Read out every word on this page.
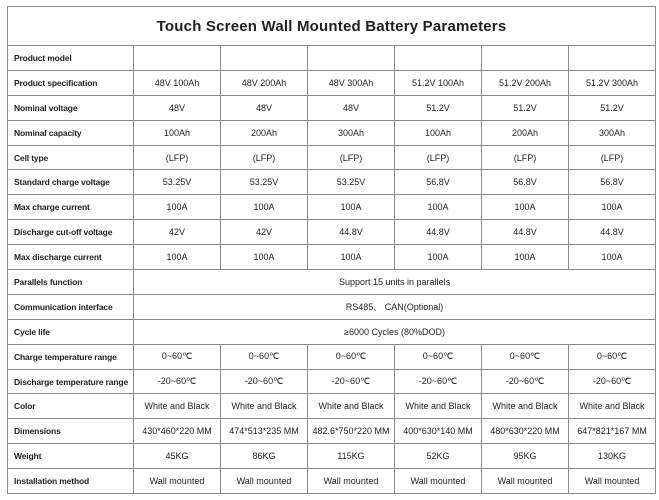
Touch Screen Wall Mounted Battery Parameters						
Product model						
Product specification	48V 100Ah	48V 200Ah	48V 300Ah	51.2V 100Ah	51.2V 200Ah	51.2V 300Ah
Nominal voltage	48V	48V	48V	51.2V	51.2V	51.2V
Nominal capacity	100Ah	200Ah	300Ah	100Ah	200Ah	300Ah
Cell type	(LFP)	(LFP)	(LFP)	(LFP)	(LFP)	(LFP)
Standard charge voltage	53.25V	53.25V	53.25V	56.8V	56.8V	56.8V
Max charge current	100A	100A	100A	100A	100A	100A
Discharge cut-off voltage	42V	42V	44.8V	44.8V	44.8V	44.8V
Max discharge current	100A	100A	100A	100A	100A	100A
Parallels function	Support 15 units in parallels					
Communication interface	RS485、 CAN(Optional)					
Cycle life	≥6000 Cycles (80%DOD)					
Charge temperature range	0~60℃	0~60℃	0~60℃	0~60℃	0~60℃	0~60℃
Discharge temperature range	-20~60℃	-20~60℃	-20~60℃	-20~60℃	-20~60℃	-20~60℃
Color	White and Black	White and Black	White and Black	White and Black	White and Black	White and Black
Dimensions	430*460*220 MM	474*513*235 MM	482.6*750*220 MM	400*630*140 MM	480*630*220 MM	647*821*167 MM
Weight	45KG	86KG	115KG	52KG	95KG	130KG
Installation method	Wall mounted	Wall mounted	Wall mounted	Wall mounted	Wall mounted	Wall mounted
